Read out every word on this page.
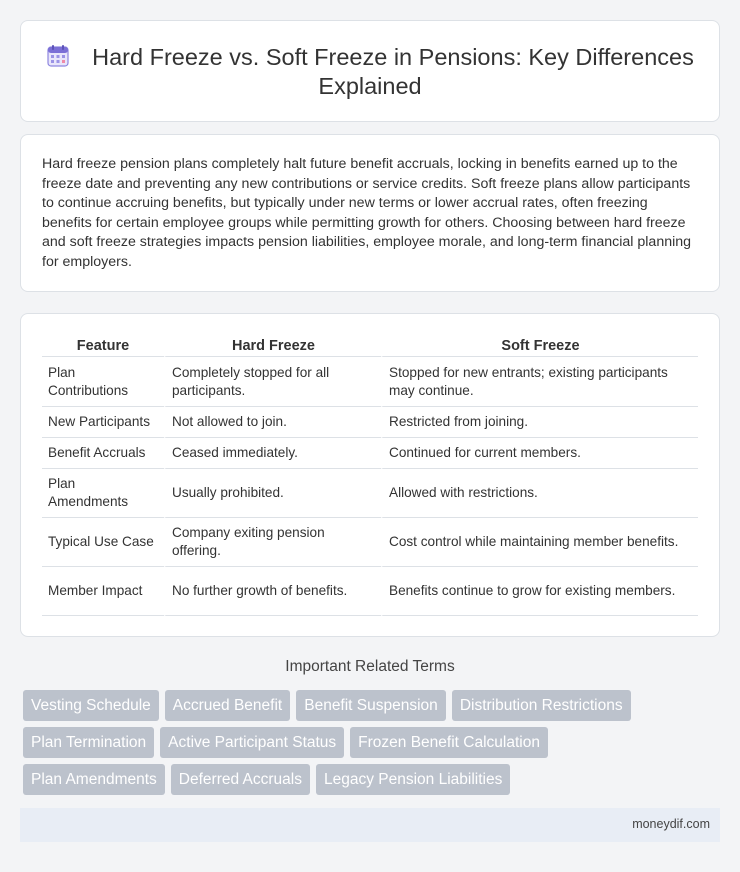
Hard Freeze vs. Soft Freeze in Pensions: Key Differences Explained

Hard freeze pension plans completely halt future benefit accruals, locking in benefits earned up to the freeze date and preventing any new contributions or service credits. Soft freeze plans allow participants to continue accruing benefits, but typically under new terms or lower accrual rates, often freezing benefits for certain employee groups while permitting growth for others. Choosing between hard freeze and soft freeze strategies impacts pension liabilities, employee morale, and long-term financial planning for employers.

Feature	Hard Freeze	Soft Freeze
Plan Contributions	Completely stopped for all participants.	Stopped for new entrants; existing participants may continue.
New Participants	Not allowed to join.	Restricted from joining.
Benefit Accruals	Ceased immediately.	Continued for current members.
Plan Amendments	Usually prohibited.	Allowed with restrictions.
Typical Use Case	Company exiting pension offering.	Cost control while maintaining member benefits.
Member Impact	No further growth of benefits.	Benefits continue to grow for existing members.
Important Related Terms
Vesting Schedule Accrued Benefit Benefit Suspension Distribution Restrictions
Plan Termination Active Participant Status Frozen Benefit Calculation
Plan Amendments Deferred Accruals Legacy Pension Liabilities
moneydif.com
